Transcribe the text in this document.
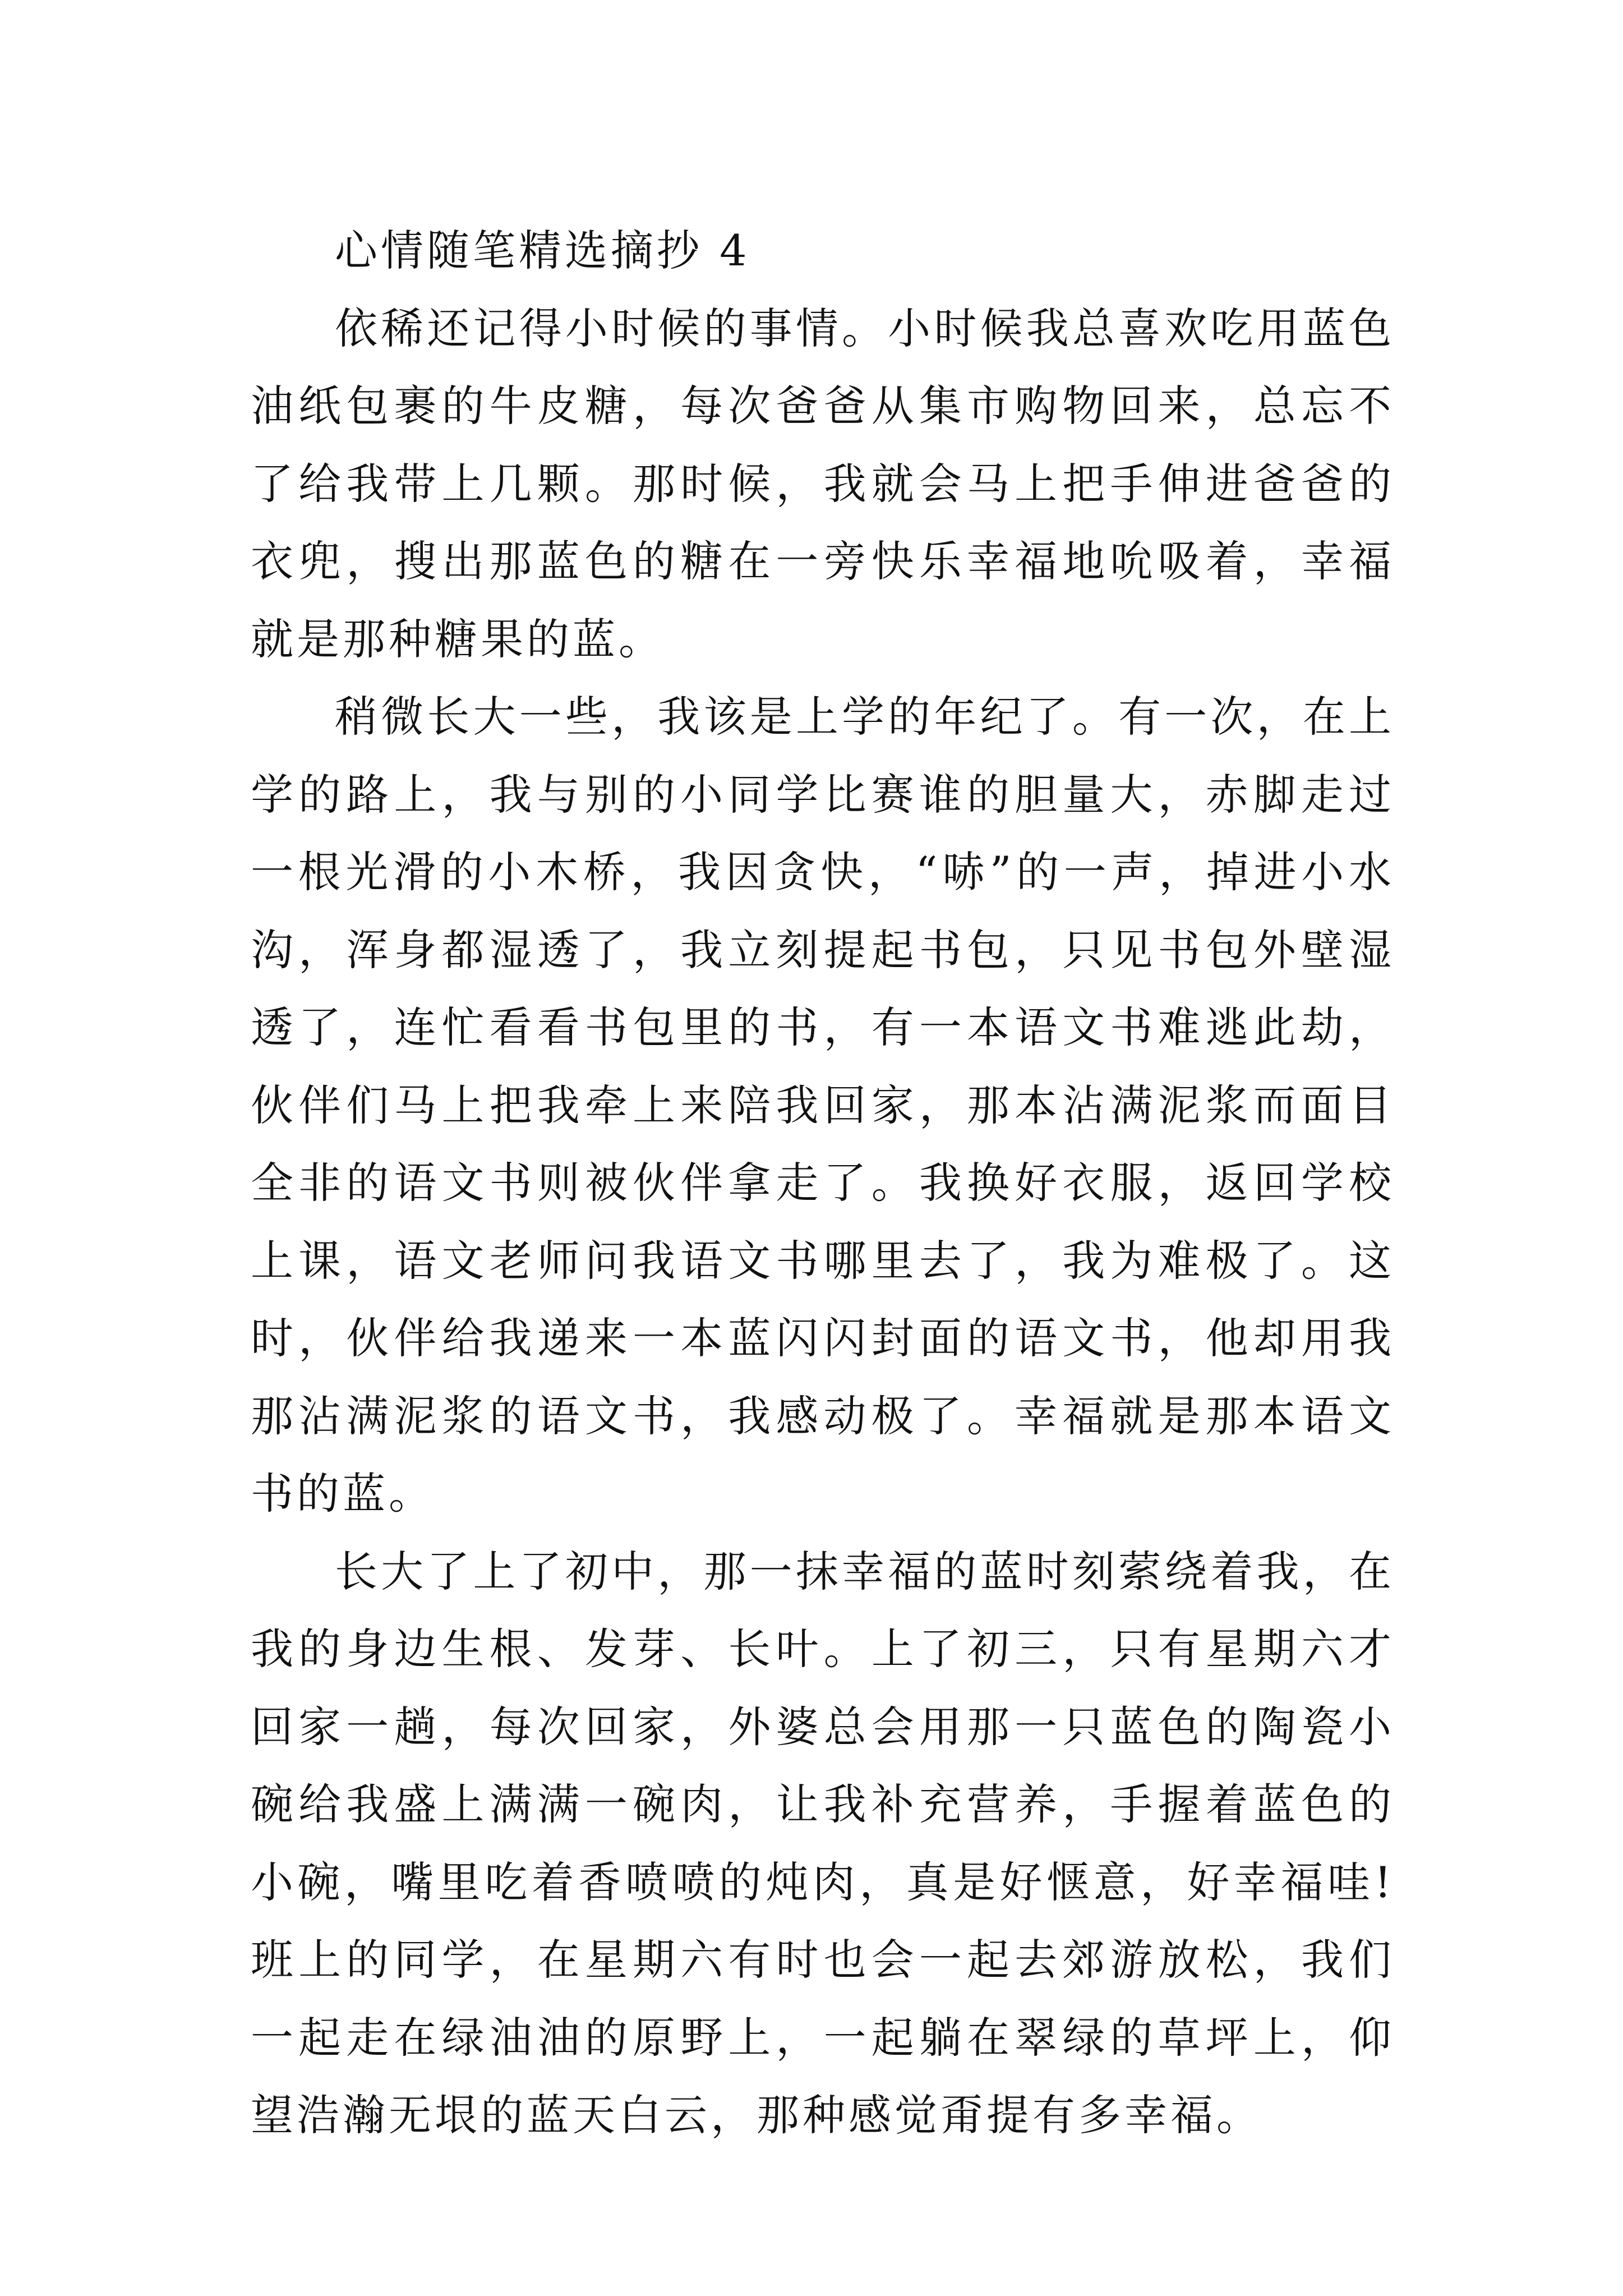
心情随笔精选摘抄 4

依稀还记得小时候的事情。小时候我总喜欢吃用蓝色油纸包裹的牛皮糖，每次爸爸从集市购物回来，总忘不了给我带上几颗。那时候，我就会马上把手伸进爸爸的衣兜，搜出那蓝色的糖在一旁快乐幸福地吮吸着，幸福就是那种糖果的蓝。

稍微长大一些，我该是上学的年纪了。有一次，在上学的路上，我与别的小同学比赛谁的胆量大，赤脚走过一根光滑的小木桥，我因贪快，“哧”的一声，掉进小水沟，浑身都湿透了，我立刻提起书包，只见书包外壁湿透了，连忙看看书包里的书，有一本语文书难逃此劫，伙伴们马上把我牵上来陪我回家，那本沾满泥浆而面目全非的语文书则被伙伴拿走了。我换好衣服，返回学校上课，语文老师问我语文书哪里去了，我为难极了。这时，伙伴给我递来一本蓝闪闪封面的语文书，他却用我那沾满泥浆的语文书，我感动极了。幸福就是那本语文书的蓝。

长大了上了初中，那一抹幸福的蓝时刻萦绕着我，在我的身边生根、发芽、长叶。上了初三，只有星期六才回家一趟，每次回家，外婆总会用那一只蓝色的陶瓷小碗给我盛上满满一碗肉，让我补充营养，手握着蓝色的小碗，嘴里吃着香喷喷的炖肉，真是好惬意，好幸福哇!班上的同学，在星期六有时也会一起去郊游放松，我们一起走在绿油油的原野上，一起躺在翠绿的草坪上，仰望浩瀚无垠的蓝天白云，那种感觉甭提有多幸福。
